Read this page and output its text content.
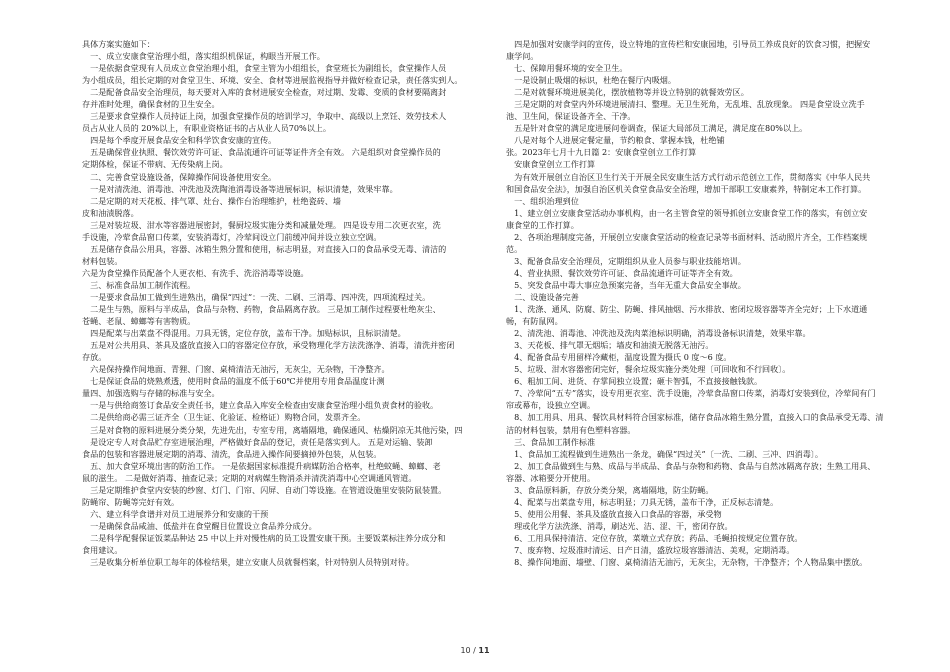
具体方案实施如下：

　一、成立安康食堂治理小组，落实组织机保证，构眼当开展工作。

　一是依据食堂现有人员成立食堂治理小组，食堂主管为小组组长，食堂班长为副组长，食堂操作人员

为小组成员，组长定期的对食堂卫生、环境、安全、食材等进展监视指导并做好检查记录，责任落实到人。

　二是配备食品安全治理员，每天要对入库的食材进展安全检查，对过期、发霉、变质的食材要隔离封

存并准时处理，确保食材的卫生安全。

　三是要求食堂操作人员持证上岗，加强食堂操作员的培训学习，争取中、高级以上烹饪、效劳技术人

员占从业人员的 20%以上，有职业资格证书的占从业人员70%以上。

　四是每个季度开展食品安全和科学饮食安康的宣传。

　五是确保营业执照、餐饮效劳许可证、食品流通许可证等证件齐全有效。 六是组织对食堂操作员的

定期体检，保证不带病、无传染病上岗。

　二、完善食堂设施设备，保障操作间设备使用安全。

　一是对清洗池、消毒池、冲洗池及洗陶池消毒设备等进展标识，标识清楚，效果牢靠。

　二是定期的对天花板、排气罩、灶台、操作台治理维护，杜绝瓷砖、墙

皮和油渍脱落。

　三是对装垃圾、泔水等容器进展密封，餐厨垃圾实施分类和减量处理。 四是设专用二次更衣室，洗

手设施，冷荤食品窗口传菜，安装消毒灯，冷荤间设立门前缓冲间并设立独立空调。

　五是储存食品公用具，容器、冰箱生熟分置和使用，标志明显，对直接入口的食品承受无毒、清洁的

材料包装。

六是为食堂操作员配备个人更衣柜、有洗手、洗浴消毒等设施。

　三、标准食品加工制作流程。

　一是要求食品加工做到生进熟出，确保“四过”：一洗、二刷、三消毒、四冲洗，四项流程过关。

　二是生与熟，原料与半成品，食品与杂物、药物，食品隔离存放。 三是加工制作过程要杜绝灰尘、

苍蝇、老鼠、蟑螂等有害物质。

　四是配菜与出菜盘不得混用。刀具无锈，定位存放，盖布干净。加贴标识，且标识清楚。

　五是对公共用具、茶具及盛放直接入口的容器定位存放，承受物理化学方法洗涤净、消毒，清洗并密闭

存放。

　六是保持操作间地面、青狸、门窗、桌椅清洁无油污，无灰尘，无杂物，干净整齐。

　七是保证食品的烧熟煮透，使用时食品的温度不低于60℃并使用专用食品温度计测

量四、加强选购与存储的标准与安全。

　一是与供给商签订食品安全责任书，建立食品入库安全检查由安康食堂治理小组负责食材的验收。

　二是供给商必需三证齐全（卫生证、化验证、检格证）购物合同，发票齐全。

　三是对食物的原料进展分类分架，先进先出，专室专用，离墙隔地，确保通风、枯燥阴凉无其他污染，四

　是设定专人对食品贮存室进展治理，严格做好食品的登记，责任是落实到人。 五是对运输、装卸

食品的包装和容器进展定期的消毒、清洗，食品进入操作间要摘掉外包装，从包装。

　五、加大食堂环境出害的防治工作。 一是依据国家标准提升病媒防治合格率，杜绝蚊蝇、蟑螂、老

鼠的滋生。 二是做好消毒、抽查记录；定期的对病媒生物消杀并清洗消毒中心空调通风管道。

　三是定期维护食堂内安装的纱窗、灯门、门帘、闪屏、自动门等设施。在管道设施里安装防鼠装置。

防蝇帘、防蝇等完好有效。

　六、建立科学食谱并对员工进展养分和安康的干预

　一是确保食品咸油、低盐并在食堂醒目位置设立食品养分成分。

　二是科学配餐保证饭菜品种达 25 中以上并对慢性病的员工设置安康干预。主要饭菜标注养分成分和

食用建议。

　三是收集分析单位职工每年的体检结果，建立安康人员就餐档案，针对特别人员特别对待。

　四是加强对安康学问的宣传，设立特地的宣传栏和安康园地，引导员工养成良好的饮食习惯，把握安

康学问。

　七、保障用餐环境的安全卫生。

　一是设制止吸烟的标识，杜绝在餐厅内吸烟。

　二是对就餐环境进展美化，摆放植物等并设立特别的就餐效劳区。

　三是定期的对食堂内外环境进展清扫、整理。无卫生死角，无乱堆、乱放现象。 四是食堂设立洗手

池、卫生间，保证设备齐全、干净。

　五是针对食堂的满足度进展问卷调查，保证大局部员工满足，满足度在80%以上。

　八是对每个人进展定餐定量，节约粮食、掌握本钱，杜绝铺

张。2023年七月十九日篇 2：安康食堂创立工作打算

　安康食堂创立工作打算

　为有效开展创立自治区卫生行关于开展全民安康生活方式行动示范创立工作，贯彻落实《中华人民共

和国食品安全法》，加强自治区机关食堂食品安全治理，增加干部职工安康素养，特制定本工作打算。

　一、组织治理到位

　1、建立创立安康食堂活动办事机构，由一名主管食堂的领导抓创立安康食堂工作的落实，有创立安

康食堂的工作打算。

　2、各项治理制度完备，开展创立安康食堂活动的检查记录等书面材料、活动照片齐全，工作档案规

范。

　3、配备食品安全治理员，定期组织从业人员参与职业技能培训。

　4、营业执照、餐饮效劳许可证、食品流通许可证等齐全有效。

　5、突发食品中毒大事应急预案完备，当年无重大食品安全事故。

　二、设施设备完善

　1、洗涤、通风、防腐、防尘、防蝇、排风抽烟、污水排放、密闭垃圾容器等齐全完好；上下水道通

畅，有防鼠网。

　2、清洗池、消毒池、冲洗池及洗肉菜池标识明确，消毒设备标识清楚，效果牢靠。

　3、天花板、排气罩无烟垢；墙皮和油渍无脱落无油污。

　4、配备食品专用留样冷藏柜，温度设置为摄氏 0 度～6 度。

　5、垃圾、泔水容器密闭完好，餐余垃圾实施分类处理〔可回收和不行回收〕。

　6、粗加工间、进货、存掌间独立设置；砸卡智弧，不直接接触钱款。

　7、冷荤间“五专”落实，设专用更衣室、洗手设施，冷荤食品窗口传菜，消毒灯安装到位，冷荤间有门

帘或幕布，设独立空调。

　8、加工用具、用具、餐饮具材料符合国家标准，储存食品冰箱生熟分置，直接入口的食品承受无毒、清

洁的材料包装，禁用有色塑料容器。

　三、食品加工制作标准

　1、食品加工流程做到生进熟出一条龙，确保“四过关”〔一洗、二刷、三冲、四消毒〕。

　2、加工食品做到生与熟、成品与半成品、食品与杂物和药物、食品与自然冰隔离存放；生熟工用具、

容器、冰箱要分开使用。

　3、食品原料新，存放分类分架，离墙隔地，防尘防蝇。

　4、配菜与出菜盘专用，标志明显；刀具无锈，盖布干净，正反标志清楚。

　5、使用公用餐、茶具及盛放直接入口食品的容器，承受物

　理或化学方法洗涤、消毒，刷达光、洁、涩、干，密闭存放。

　6、工用具保持清洁、定位存放，菜墩立式存放；药品、毛蝇拍按规定位置存放。

　7、废弃物、垃圾准时清运、日产日清，盛放垃圾容器清洁、美观，定期消毒。

　8、操作间地面、墙壁、门窗、桌椅清洁无油污，无灰尘，无杂物，干净整齐；个人物品集中摆放。

10 / 11
